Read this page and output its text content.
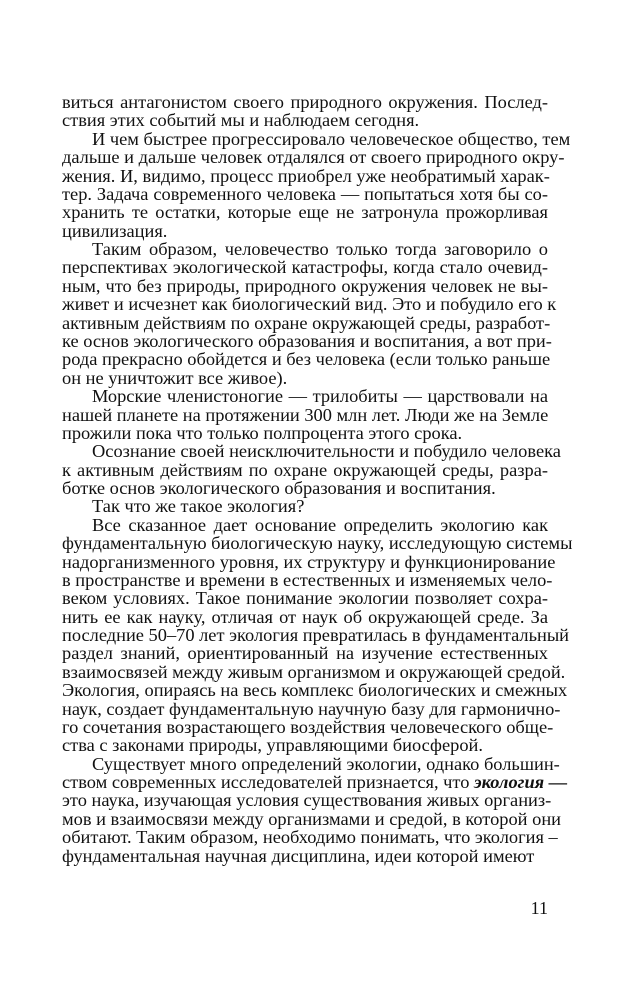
виться антагонистом своего природного окружения. Послед-
ствия этих событий мы и наблюдаем сегодня.
И чем быстрее прогрессировало человеческое общество, тем
дальше и дальше человек отдалялся от своего природного окру-
жения. И, видимо, процесс приобрел уже необратимый харак-
тер. Задача современного человека — попытаться хотя бы со-
хранить те остатки, которые еще не затронула прожорливая
цивилизация.
Таким образом, человечество только тогда заговорило о
перспективах экологической катастрофы, когда стало очевид-
ным, что без природы, природного окружения человек не вы-
живет и исчезнет как биологический вид. Это и побудило его к
активным действиям по охране окружающей среды, разработ-
ке основ экологического образования и воспитания, а вот при-
рода прекрасно обойдется и без человека (если только раньше
он не уничтожит все живое).
Морские членистоногие — трилобиты — царствовали на
нашей планете на протяжении 300 млн лет. Люди же на Земле
прожили пока что только полпроцента этого срока.
Осознание своей неисключительности и побудило человека
к активным действиям по охране окружающей среды, разра-
ботке основ экологического образования и воспитания.
Так что же такое экология?
Все сказанное дает основание определить экологию как
фундаментальную биологическую науку, исследующую системы
надорганизменного уровня, их структуру и функционирование
в пространстве и времени в естественных и изменяемых чело-
веком условиях. Такое понимание экологии позволяет сохра-
нить ее как науку, отличая от наук об окружающей среде. За
последние 50–70 лет экология превратилась в фундаментальный
раздел знаний, ориентированный на изучение естественных
взаимосвязей между живым организмом и окружающей средой.
Экология, опираясь на весь комплекс биологических и смежных
наук, создает фундаментальную научную базу для гармонично-
го сочетания возрастающего воздействия человеческого обще-
ства с законами природы, управляющими биосферой.
Существует много определений экологии, однако большин-
ством современных исследователей признается, что экология —
это наука, изучающая условия существования живых организ-
мов и взаимосвязи между организмами и средой, в которой они
обитают. Таким образом, необходимо понимать, что экология –
фундаментальная научная дисциплина, идеи которой имеют
11
